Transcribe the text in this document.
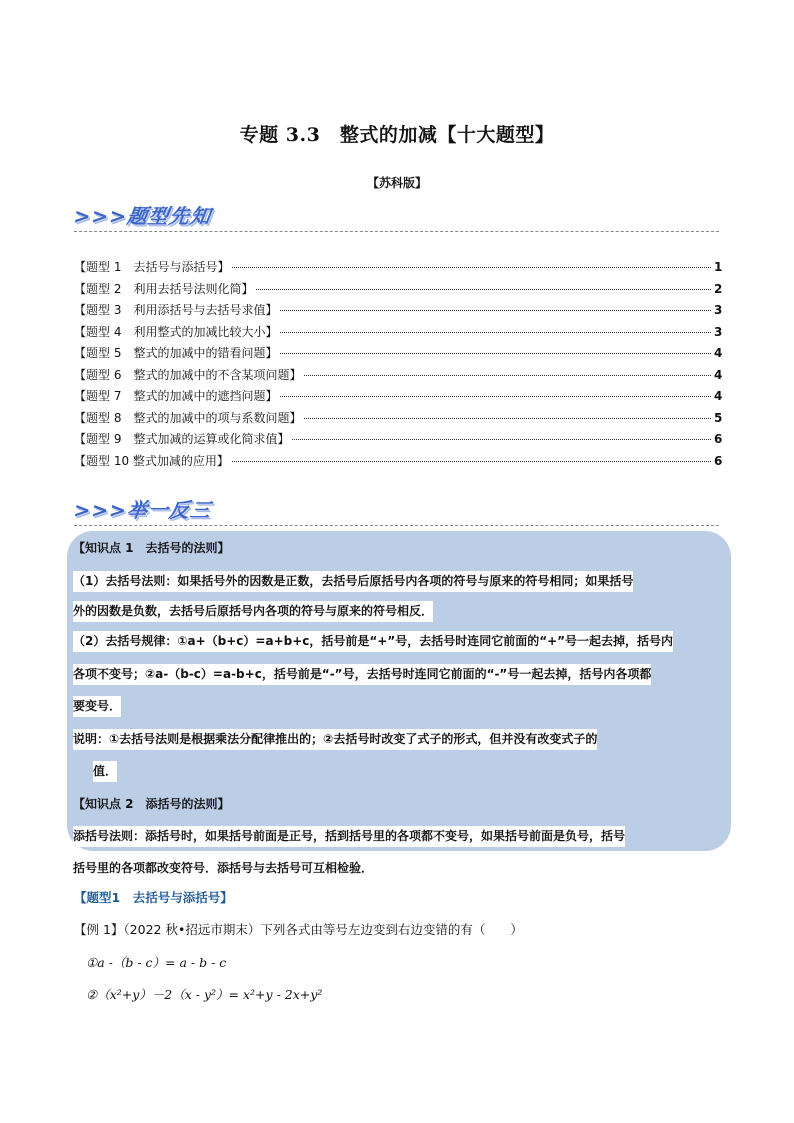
专题 3.3　整式的加减【十大题型】
【苏科版】
>>>题型先知
【题型 1　去括号与添括号】	1
【题型 2　利用去括号法则化简】	2
【题型 3　利用添括号与去括号求值】	3
【题型 4　利用整式的加减比较大小】	3
【题型 5　整式的加减中的错看问题】	4
【题型 6　整式的加减中的不含某项问题】	4
【题型 7　整式的加减中的遮挡问题】	4
【题型 8　整式的加减中的项与系数问题】	5
【题型 9　整式加减的运算或化简求值】	6
【题型 10 整式加减的应用】	6
>>>举一反三
【知识点 1　去括号的法则】
（1）去括号法则：如果括号外的因数是正数，去括号后原括号内各项的符号与原来的符号相同；如果括号
外的因数是负数，去括号后原括号内各项的符号与原来的符号相反．
（2）去括号规律：①a+（b+c）=a+b+c，括号前是“+”号，去括号时连同它前面的“+”号一起去掉，括号内
各项不变号；②a-（b-c）=a-b+c，括号前是“-”号，去括号时连同它前面的“-”号一起去掉，括号内各项都
要变号．
说明：①去括号法则是根据乘法分配律推出的；②去括号时改变了式子的形式，但并没有改变式子的
值．
【知识点 2　添括号的法则】
添括号法则：添括号时，如果括号前面是正号，括到括号里的各项都不变号，如果括号前面是负号，括号
括号里的各项都改变符号．添括号与去括号可互相检验．
【题型1　去括号与添括号】
【例 1】（2022 秋•招远市期末）下列各式由等号左边变到右边变错的有（　　）
①a -（b - c）= a - b - c
②（x²+y）－2（x - y²）= x²+y - 2x+y²
